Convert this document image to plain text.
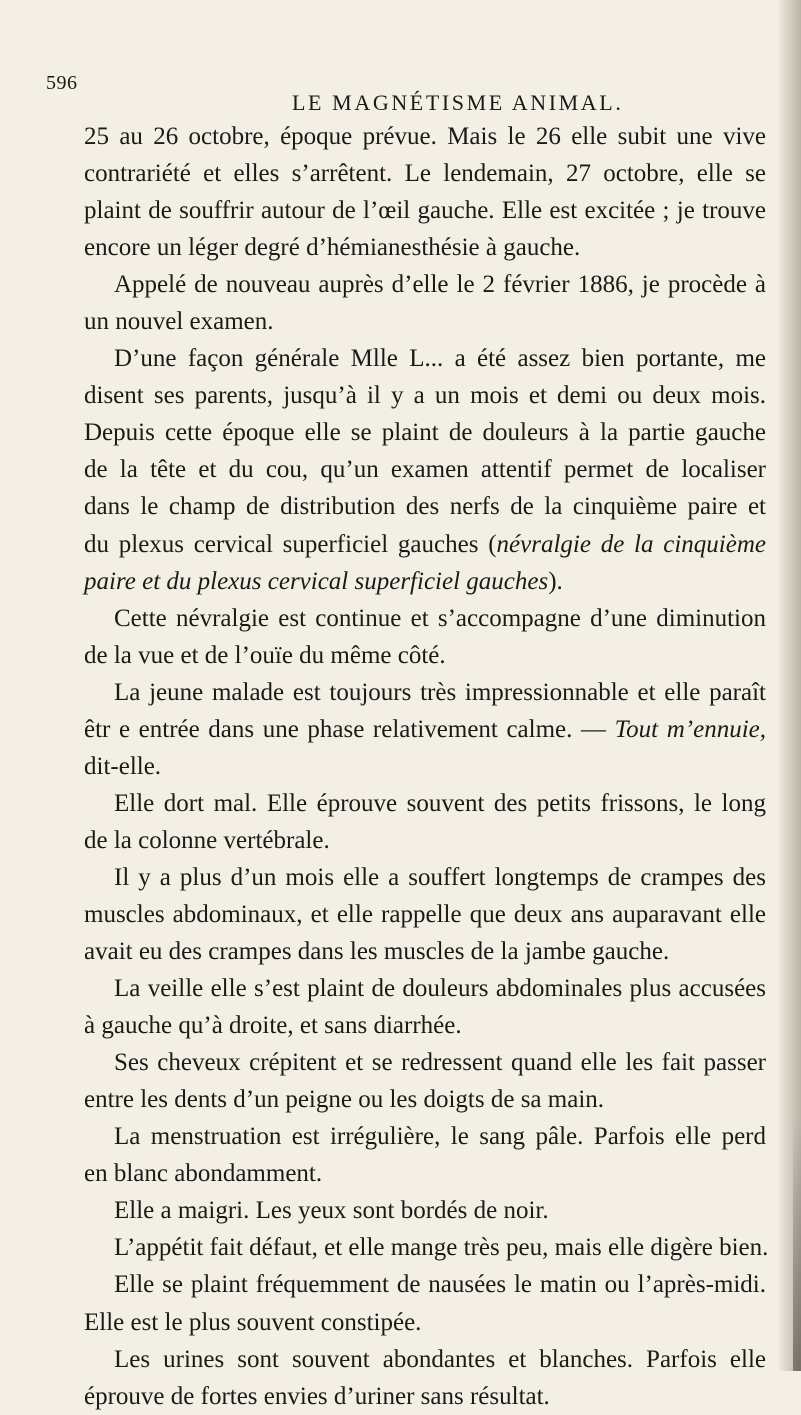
596
LE MAGNÉTISME ANIMAL.
25 au 26 octobre, époque prévue. Mais le 26 elle subit une vive
contrariété et elles s’arrêtent. Le lendemain, 27 octobre, elle se
plaint de souffrir autour de l’œil gauche. Elle est excitée ; je trouve
encore un léger degré d’hémianesthésie à gauche.
Appelé de nouveau auprès d’elle le 2 février 1886, je procède à
un nouvel examen.
D’une façon générale Mlle L... a été assez bien portante, me
disent ses parents, jusqu’à il y a un mois et demi ou deux mois.
Depuis cette époque elle se plaint de douleurs à la partie gauche
de la tête et du cou, qu’un examen attentif permet de localiser
dans le champ de distribution des nerfs de la cinquième paire et
du plexus cervical superficiel gauches (névralgie de la cinquième
paire et du plexus cervical superficiel gauches).
Cette névralgie est continue et s’accompagne d’une diminution
de la vue et de l’ouïe du même côté.
La jeune malade est toujours très impressionnable et elle paraît
êtr e entrée dans une phase relativement calme. — Tout m’ennuie,
dit-elle.
Elle dort mal. Elle éprouve souvent des petits frissons, le long
de la colonne vertébrale.
Il y a plus d’un mois elle a souffert longtemps de crampes des
muscles abdominaux, et elle rappelle que deux ans auparavant elle
avait eu des crampes dans les muscles de la jambe gauche.
La veille elle s’est plaint de douleurs abdominales plus accusées
à gauche qu’à droite, et sans diarrhée.
Ses cheveux crépitent et se redressent quand elle les fait passer
entre les dents d’un peigne ou les doigts de sa main.
La menstruation est irrégulière, le sang pâle. Parfois elle perd
en blanc abondamment.
Elle a maigri. Les yeux sont bordés de noir.
L’appétit fait défaut, et elle mange très peu, mais elle digère bien.
Elle se plaint fréquemment de nausées le matin ou l’après-midi.
Elle est le plus souvent constipée.
Les urines sont souvent abondantes et blanches. Parfois elle
éprouve de fortes envies d’uriner sans résultat.
